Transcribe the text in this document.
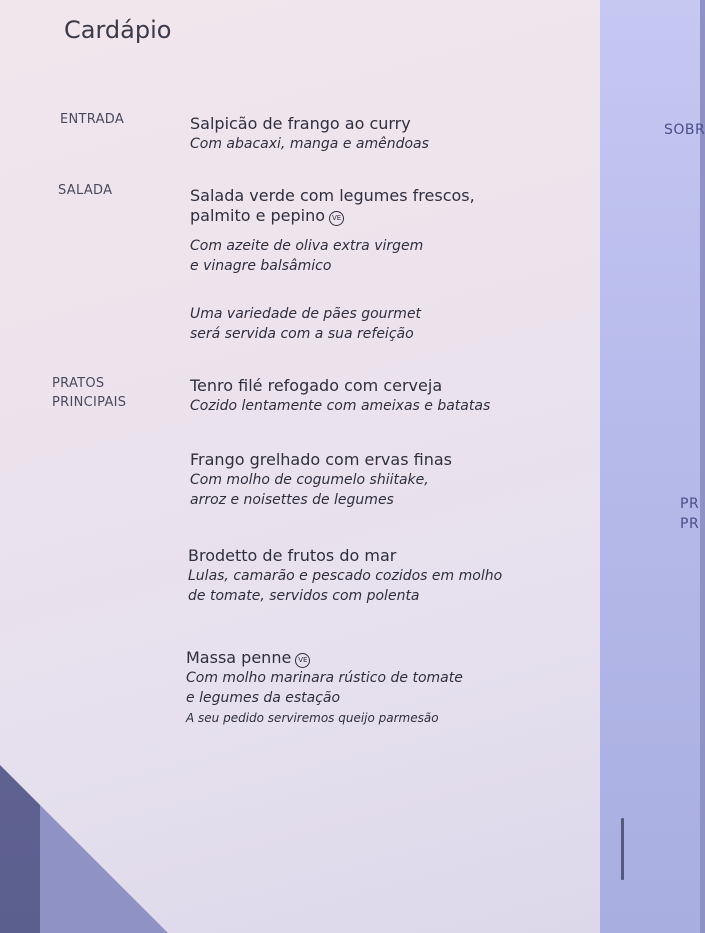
SOBR
PR
PR
Cardápio
ENTRADA
SALADA
PRATOS
PRINCIPAIS
Salpicão de frango ao curry
Com abacaxi, manga e amêndoas
Salada verde com legumes frescos,
palmito e pepino VE
Com azeite de oliva extra virgem
e vinagre balsâmico
Uma variedade de pães gourmet
será servida com a sua refeição
Tenro filé refogado com cerveja
Cozido lentamente com ameixas e batatas
Frango grelhado com ervas finas
Com molho de cogumelo shiitake,
arroz e noisettes de legumes
Brodetto de frutos do mar
Lulas, camarão e pescado cozidos em molho
de tomate, servidos com polenta
Massa penne VE
Com molho marinara rústico de tomate
e legumes da estação
A seu pedido serviremos queijo parmesão
